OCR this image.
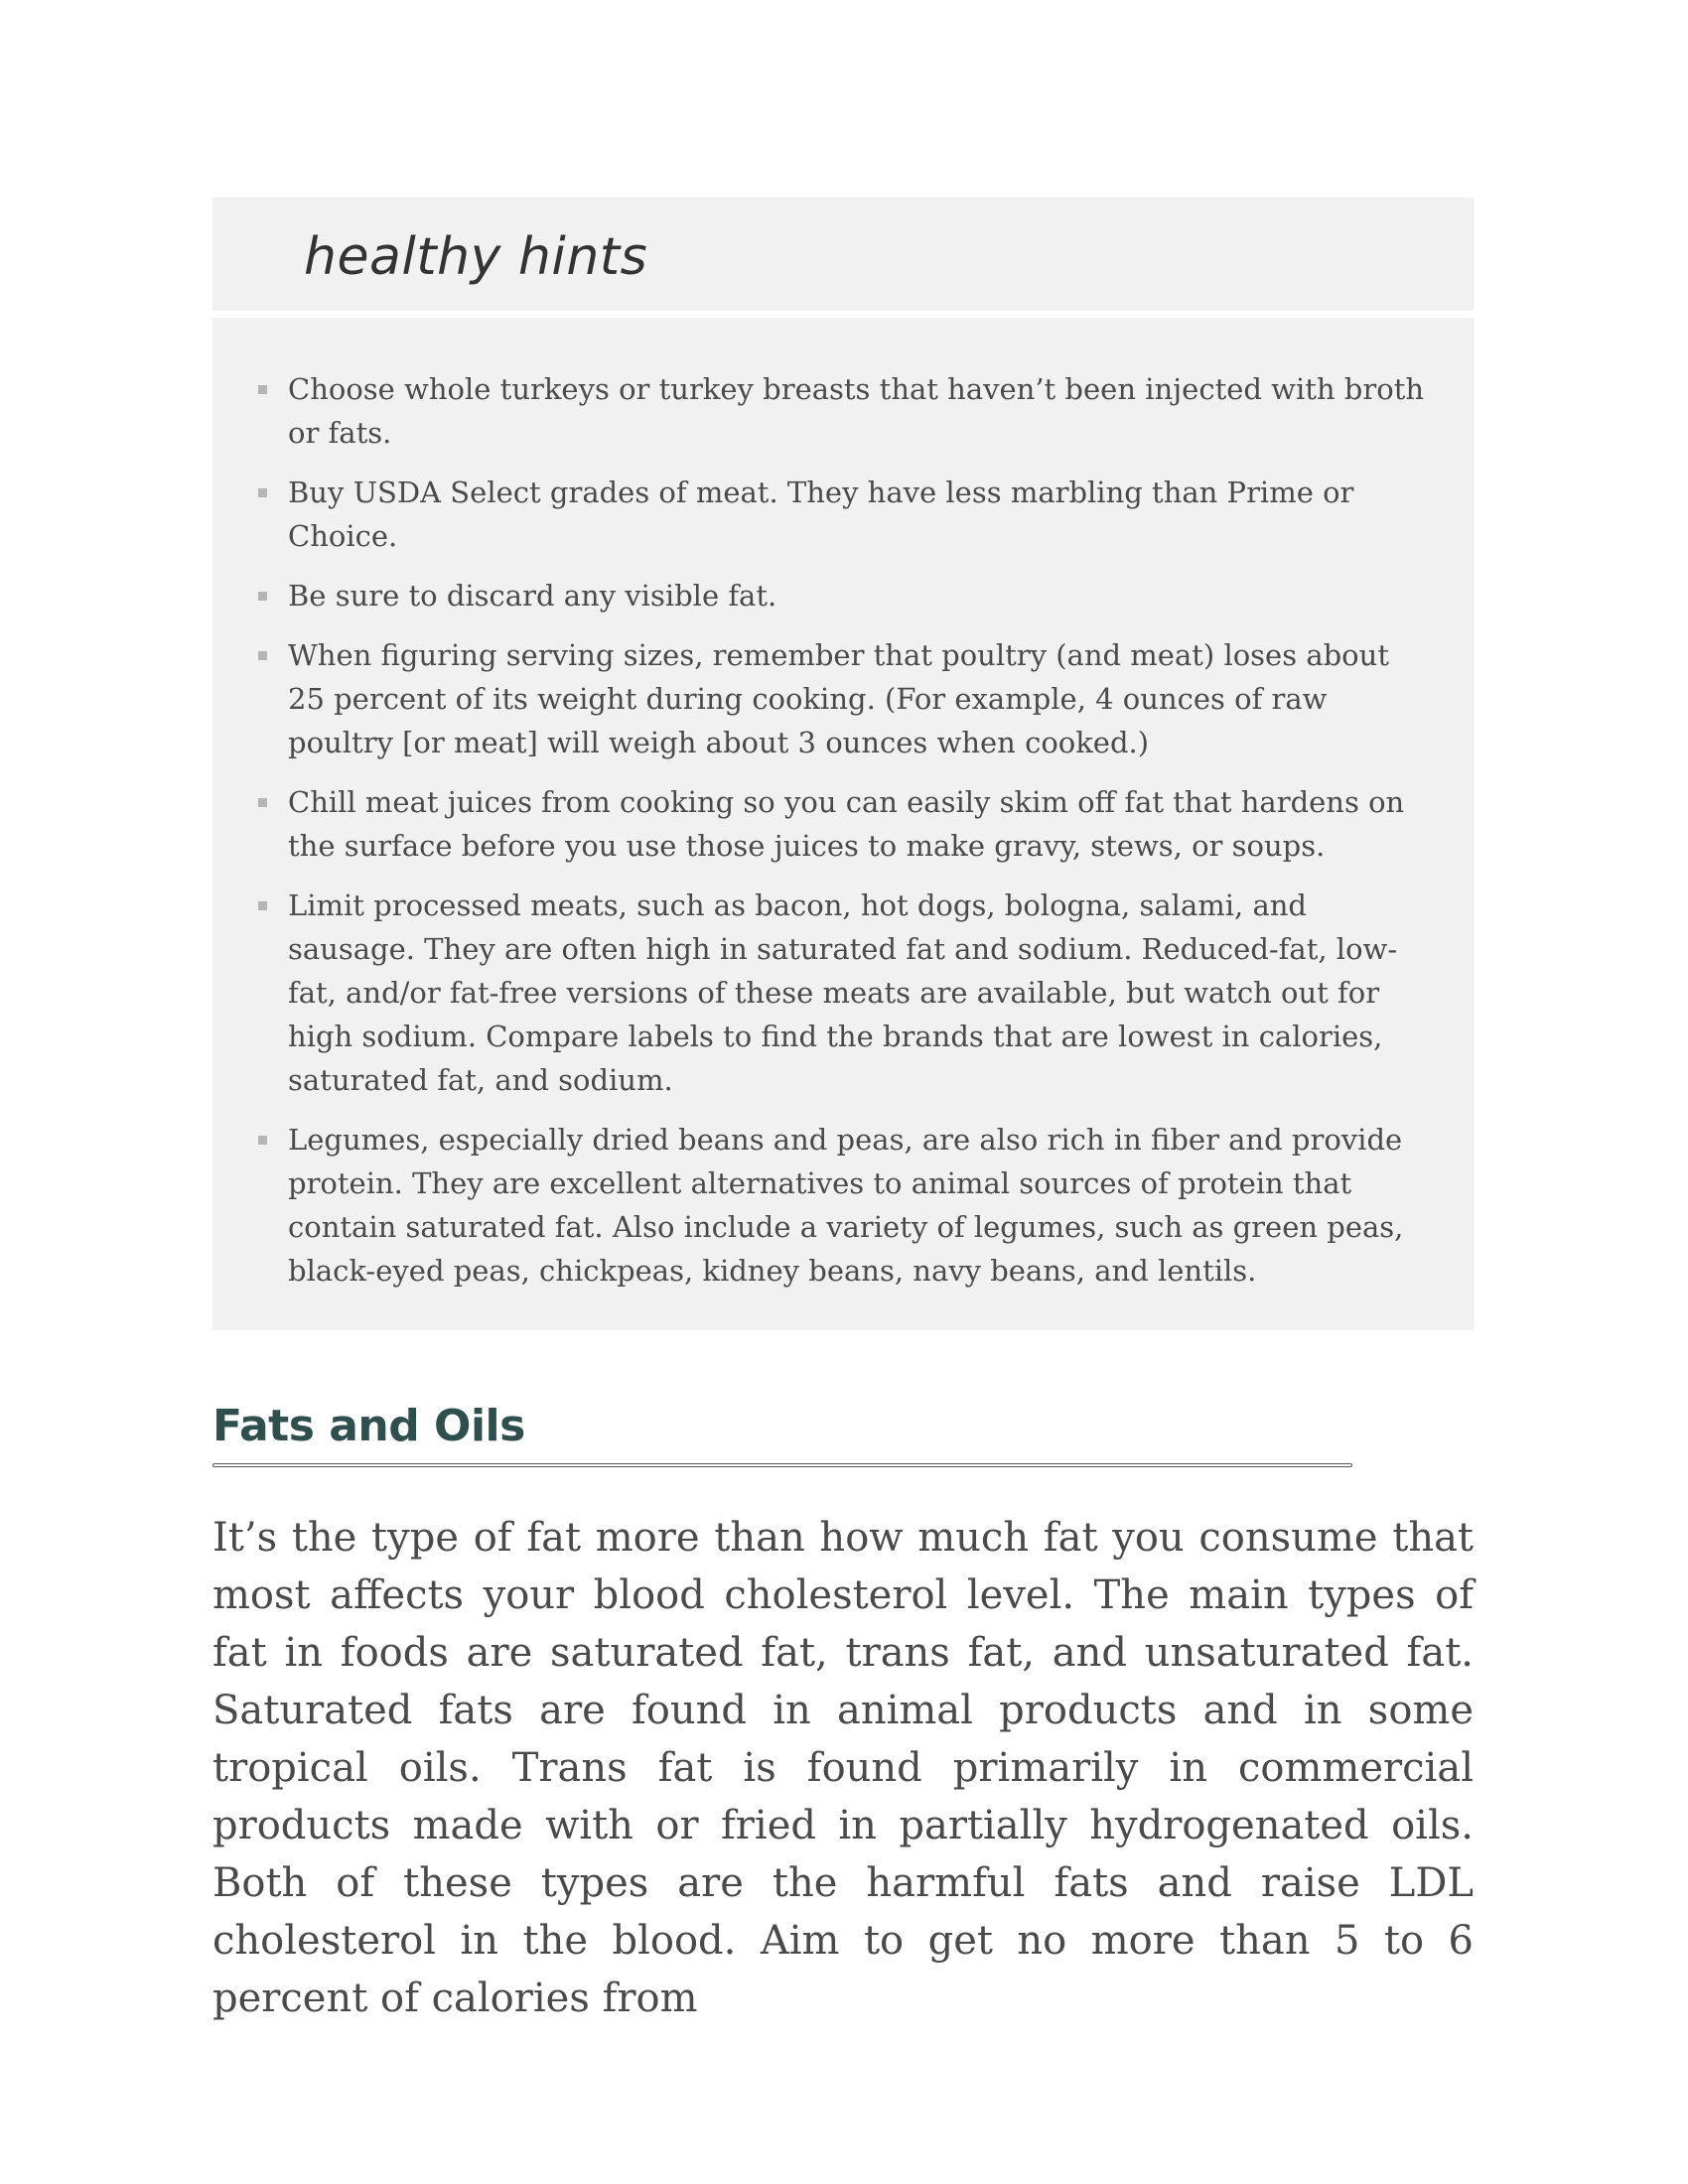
healthy hints
Choose whole turkeys or turkey breasts that haven’t been injected with broth or fats.
Buy USDA Select grades of meat. They have less marbling than Prime or Choice.
Be sure to discard any visible fat.
When figuring serving sizes, remember that poultry (and meat) loses about 25 percent of its weight during cooking. (For example, 4 ounces of raw poultry [or meat] will weigh about 3 ounces when cooked.)
Chill meat juices from cooking so you can easily skim off fat that hardens on the surface before you use those juices to make gravy, stews, or soups.
Limit processed meats, such as bacon, hot dogs, bologna, salami, and sausage. They are often high in saturated fat and sodium. Reduced-fat, low-fat, and/or fat-free versions of these meats are available, but watch out for high sodium. Compare labels to find the brands that are lowest in calories, saturated fat, and sodium.
Legumes, especially dried beans and peas, are also rich in fiber and provide protein. They are excellent alternatives to animal sources of protein that contain saturated fat. Also include a variety of legumes, such as green peas, black-eyed peas, chickpeas, kidney beans, navy beans, and lentils.
Fats and Oils

It’s the type of fat more than how much fat you consume that most affects your blood cholesterol level. The main types of fat in foods are saturated fat, trans fat, and unsaturated fat. Saturated fats are found in animal products and in some tropical oils. Trans fat is found primarily in commercial products made with or fried in partially hydrogenated oils. Both of these types are the harmful fats and raise LDL cholesterol in the blood. Aim to get no more than 5 to 6 percent of calories from
